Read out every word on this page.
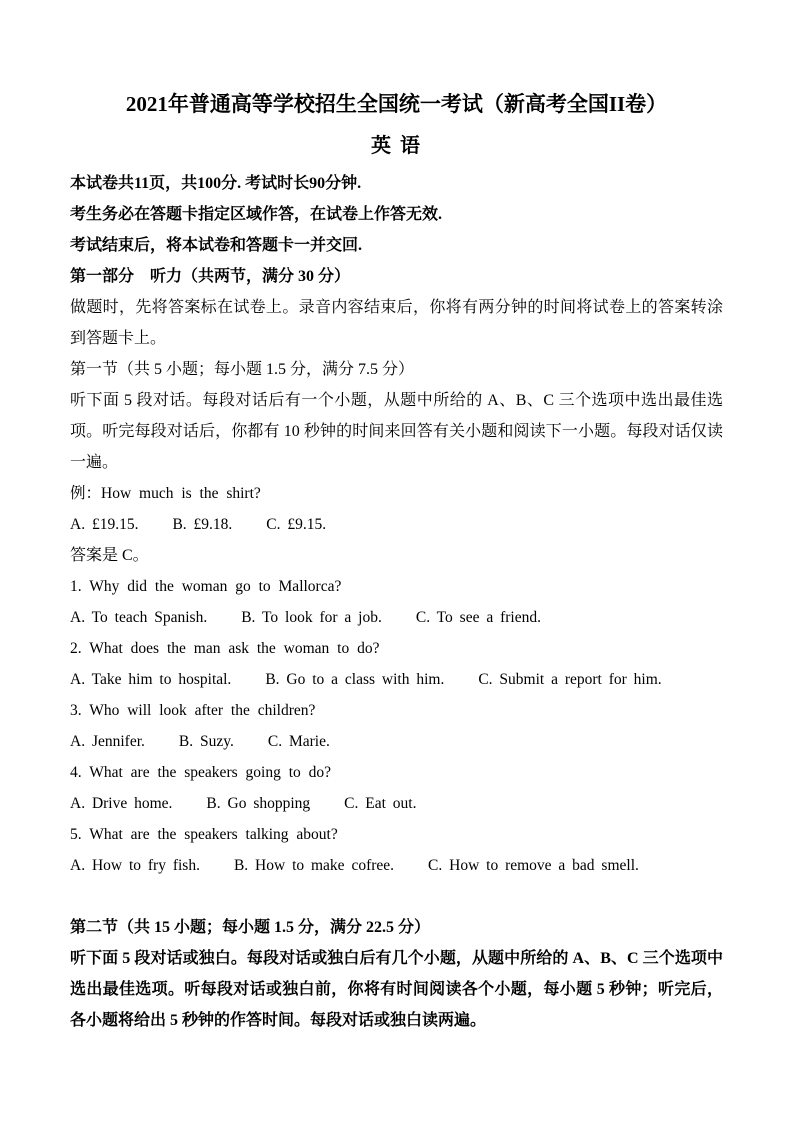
2021年普通高等学校招生全国统一考试（新高考全国II卷）
英 语

本试卷共11页，共100分. 考试时长90分钟.

考生务必在答题卡指定区域作答，在试卷上作答无效.

考试结束后，将本试卷和答题卡一并交回.

第一部分　听力（共两节，满分 30 分）

做题时，先将答案标在试卷上。录音内容结束后，你将有两分钟的时间将试卷上的答案转涂到答题卡上。

第一节（共 5 小题；每小题 1.5 分，满分 7.5 分）

听下面 5 段对话。每段对话后有一个小题，从题中所给的 A、B、C 三个选项中选出最佳选项。听完每段对话后，你都有 10 秒钟的时间来回答有关小题和阅读下一小题。每段对话仅读一遍。

例：How much is the shirt?

A. £19.15. B. £9.18. C. £9.15.

答案是 C。

1. Why did the woman go to Mallorca?

A. To teach Spanish. B. To look for a job. C. To see a friend.

2. What does the man ask the woman to do?

A. Take him to hospital. B. Go to a class with him. C. Submit a report for him.

3. Who will look after the children?

A. Jennifer. B. Suzy. C. Marie.

4. What are the speakers going to do?

A. Drive home. B. Go shopping C. Eat out.

5. What are the speakers talking about?

A. How to fry fish. B. How to make cofree. C. How to remove a bad smell.

第二节（共 15 小题；每小题 1.5 分，满分 22.5 分）

听下面 5 段对话或独白。每段对话或独白后有几个小题，从题中所给的 A、B、C 三个选项中选出最佳选项。听每段对话或独白前，你将有时间阅读各个小题，每小题 5 秒钟；听完后，各小题将给出 5 秒钟的作答时间。每段对话或独白读两遍。
